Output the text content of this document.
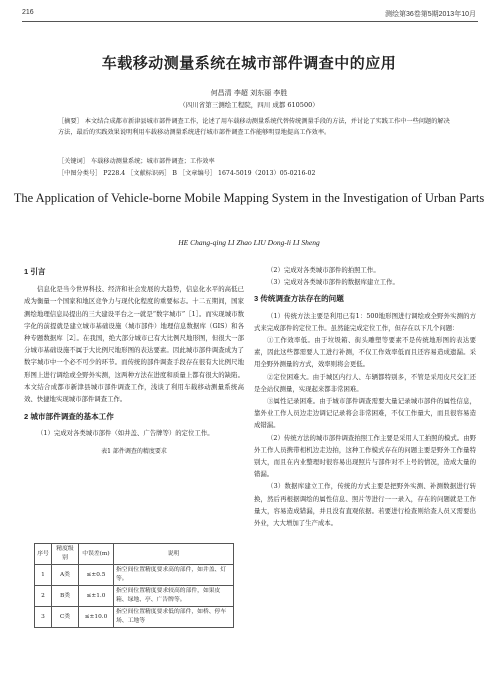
216	测绘第36卷第5期2013年10月
车载移动测量系统在城市部件调查中的应用
何昌清 李超 刘东丽 李胜
（四川省第三测绘工程院，四川 成都 610500）
［摘要］ 本文结合成都市新津县城市部件调查工作，论述了用车载移动测量系统代替传统测量手段的方法，并讨论了实践工作中一些问题的解决方法，最后的实践效果说明利用车载移动测量系统进行城市部件调查工作能够明显地提高工作效率。
［关键词］ 车载移动测量系统；城市部件调查；工作效率
［中图分类号］ P228.4 ［文献标识码］ B ［文章编号］ 1674-5019（2013）05-0216-02
The Application of Vehicle-borne Mobile Mapping System in the Investigation of Urban Parts
HE Chang-qing LI Zhao LIU Dong-li LI Sheng
1 引言

信息化是当今世界科技、经济和社会发展的大趋势，信息化水平的高低已成为衡量一个国家和地区竞争力与现代化程度的重要标志。十二五期间，国家测绘地理信息局提出的三大建设平台之一就是“数字城市”［1］。而实现城市数字化的前提就是建立城市基础设施（城市部件）地理信息数据库（GIS）和各种专题数据库［2］。在我国，绝大部分城市已有大比例尺地形图，但很大一部分城市基础设施不属于大比例尺地形图的表达要素。因此城市部件调查成为了数字城市中一个必不可少的环节。而传统的部件调查手段存在很有大比例尺地形图上进行调绘或全野外实测，这两种方法在进度和质量上都有很大的缺陷。本文结合成都市新津县城市部件调查工作，浅谈了利用车载移动测量系统高效、快捷地实现城市部件调查工作。

2 城市部件调查的基本工作

（1）完成对各类城市部件（如井盖、广告牌等）的定位工作。

表1 部件调查的精度要求
序号	精度级别	中误差(m)	说明
1	A类	≤±0.5	指空间位置精度要求高的部件，如井盖、灯等。
2	B类	≤±1.0	指空间位置精度要求较高的部件，如果皮箱、绿地、亭、广告牌等。
3	C类	≤±10.0	指空间位置精度要求低的部件，如桥、停车场、工地等

（2）完成对各类城市部件的拍照工作。

（3）完成对各类城市部件的数据库建立工作。

3 传统调查方法存在的问题

（1）传统方法主要是利用已有1：500地形图进行调绘或全野外实测的方式来完成部件的定位工作。虽然能完成定位工作，但存在以下几个问题：

①工作效率低。由于垃圾箱、街头雕塑等要素不是传统地形图的表达要素，因此这些都需要人工进行补测，不仅工作效率低而且还容易造成遗漏。采用全野外测量的方式，效率则将会更低。

②定位困难大。由于城区内行人、车辆都特别多，不管是采用皮尺交汇还是全站仪测量，实现起来都非常困难。

③属性记录困难。由于城市部件调查需要大量记录城市部件的属性信息，靠外业工作人员边走边调记记录将会非常困难，不仅工作量大，而且很容易造成错漏。

（2）传统方法的城市部件调查拍照工作主要是采用人工拍照的模式。由野外工作人员携带相机边走边拍，这种工作模式存在的问题主要是野外工作量特别大，而且在内业整理时很容易出现照片与部件对不上号的情况，造成大量的错漏。

（3）数据库建立工作，传统的方式主要是把野外实测、补测数据进行转换，然后再根据调绘的属性信息、照片等进行一一录入，存在的问题就是工作量大，容易造成错漏，并且没有直观依据。若要进行检查则给查人员又需要出外业，大大增加了生产成本。
